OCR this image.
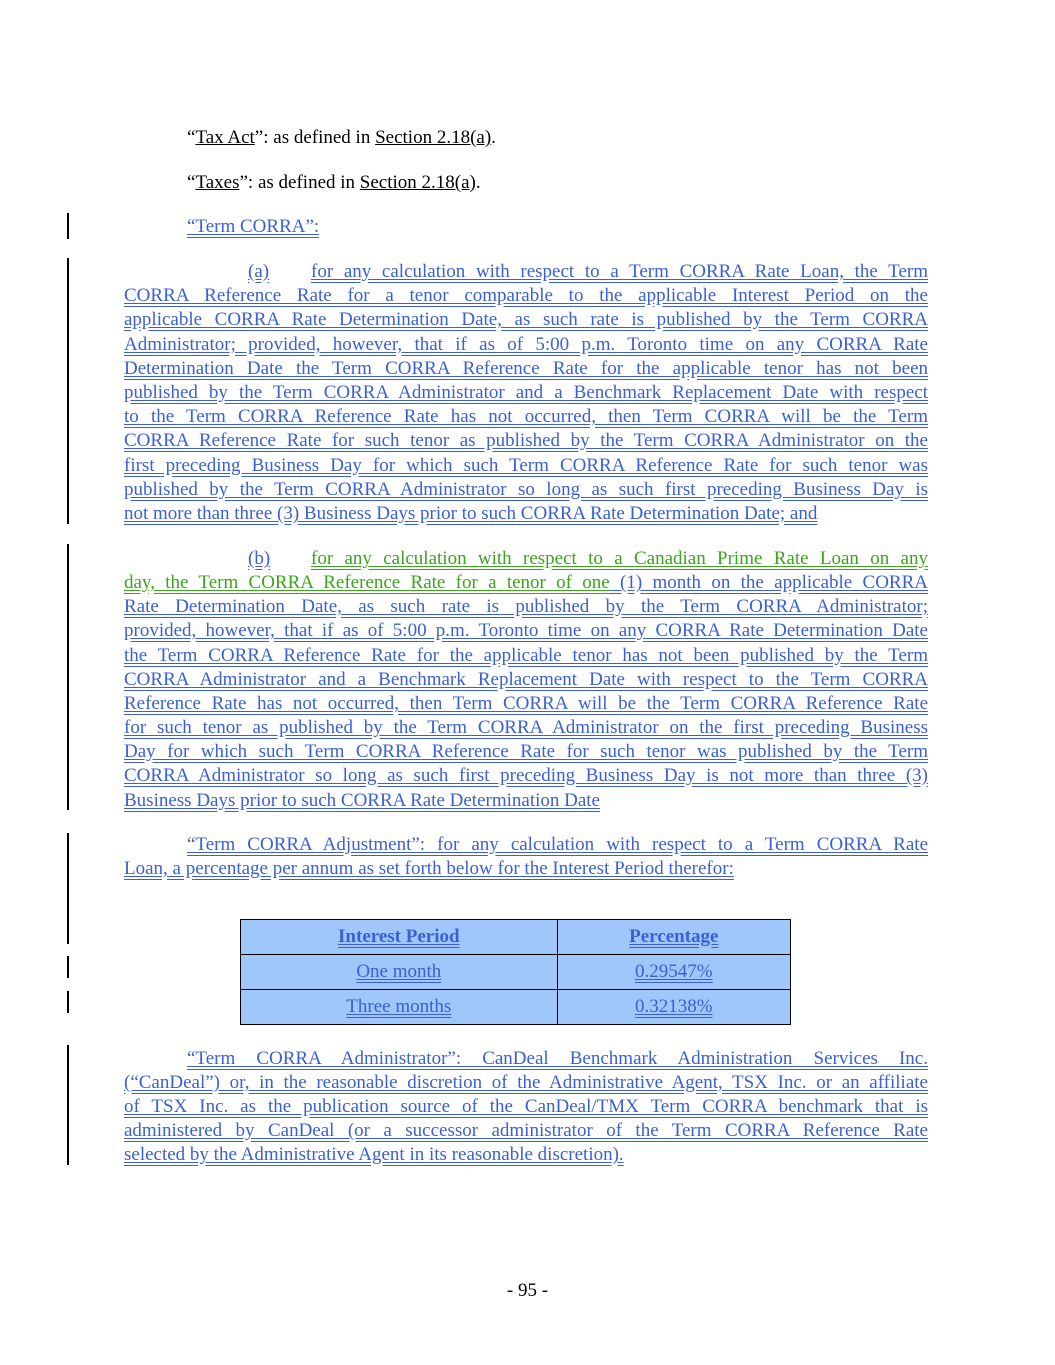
“Tax Act”: as defined in Section 2.18(a).
“Taxes”: as defined in Section 2.18(a).
“Term CORRA”:
(a) for any calculation with respect to a Term CORRA Rate Loan, the Term
CORRA Reference Rate for a tenor comparable to the applicable Interest Period on the
applicable CORRA Rate Determination Date, as such rate is published by the Term CORRA
Administrator; provided, however, that if as of 5:00 p.m. Toronto time on any CORRA Rate
Determination Date the Term CORRA Reference Rate for the applicable tenor has not been
published by the Term CORRA Administrator and a Benchmark Replacement Date with respect
to the Term CORRA Reference Rate has not occurred, then Term CORRA will be the Term
CORRA Reference Rate for such tenor as published by the Term CORRA Administrator on the
first preceding Business Day for which such Term CORRA Reference Rate for such tenor was
published by the Term CORRA Administrator so long as such first preceding Business Day is
not more than three (3) Business Days prior to such CORRA Rate Determination Date; and
(b) for any calculation with respect to a Canadian Prime Rate Loan on any
day, the Term CORRA Reference Rate for a tenor of one (1) month on the applicable CORRA
Rate Determination Date, as such rate is published by the Term CORRA Administrator;
provided, however, that if as of 5:00 p.m. Toronto time on any CORRA Rate Determination Date
the Term CORRA Reference Rate for the applicable tenor has not been published by the Term
CORRA Administrator and a Benchmark Replacement Date with respect to the Term CORRA
Reference Rate has not occurred, then Term CORRA will be the Term CORRA Reference Rate
for such tenor as published by the Term CORRA Administrator on the first preceding Business
Day for which such Term CORRA Reference Rate for such tenor was published by the Term
CORRA Administrator so long as such first preceding Business Day is not more than three (3)
Business Days prior to such CORRA Rate Determination Date
“Term CORRA Adjustment”: for any calculation with respect to a Term CORRA Rate
Loan, a percentage per annum as set forth below for the Interest Period therefor:
Interest Period	Percentage
One month	0.29547%
Three months	0.32138%
“Term CORRA Administrator”: CanDeal Benchmark Administration Services Inc.
(“CanDeal”) or, in the reasonable discretion of the Administrative Agent, TSX Inc. or an affiliate
of TSX Inc. as the publication source of the CanDeal/TMX Term CORRA benchmark that is
administered by CanDeal (or a successor administrator of the Term CORRA Reference Rate
selected by the Administrative Agent in its reasonable discretion).
- 95 -
